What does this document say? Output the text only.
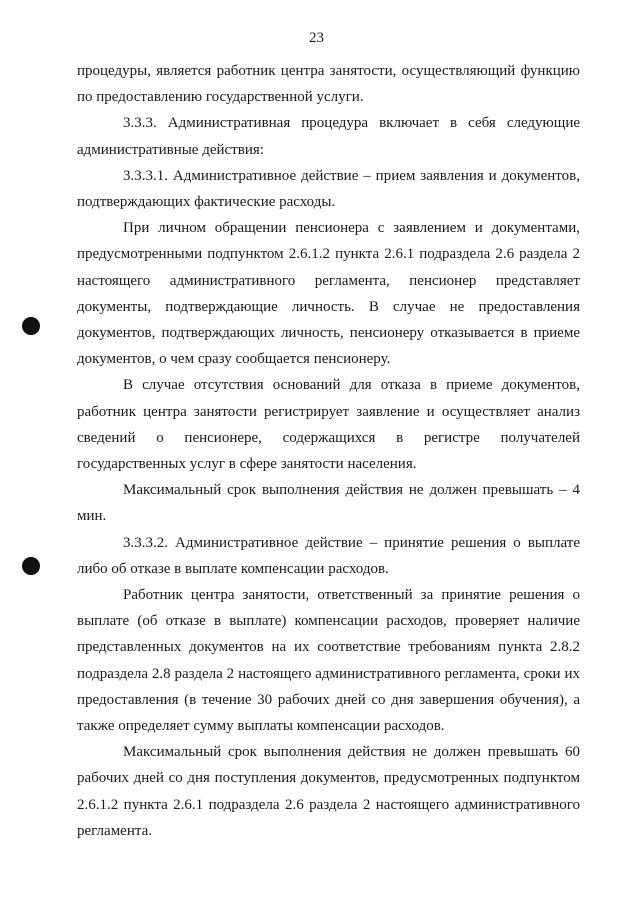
23

процедуры, является работник центра занятости, осуществляющий функцию по предоставлению государственной услуги.

3.3.3. Административная процедура включает в себя следующие административные действия:

3.3.3.1. Административное действие – прием заявления и документов, подтверждающих фактические расходы.

При личном обращении пенсионера с заявлением и документами, предусмотренными подпунктом 2.6.1.2 пункта 2.6.1 подраздела 2.6 раздела 2 настоящего административного регламента, пенсионер представляет документы, подтверждающие личность. В случае не предоставления документов, подтверждающих личность, пенсионеру отказывается в приеме документов, о чем сразу сообщается пенсионеру.

В случае отсутствия оснований для отказа в приеме документов, работник центра занятости регистрирует заявление и осуществляет анализ сведений о пенсионере, содержащихся в регистре получателей государственных услуг в сфере занятости населения.

Максимальный срок выполнения действия не должен превышать – 4 мин.

3.3.3.2. Административное действие – принятие решения о выплате либо об отказе в выплате компенсации расходов.

Работник центра занятости, ответственный за принятие решения о выплате (об отказе в выплате) компенсации расходов, проверяет наличие представленных документов на их соответствие требованиям пункта 2.8.2 подраздела 2.8 раздела 2 настоящего административного регламента, сроки их предоставления (в течение 30 рабочих дней со дня завершения обучения), а также определяет сумму выплаты компенсации расходов.

Максимальный срок выполнения действия не должен превышать 60 рабочих дней со дня поступления документов, предусмотренных подпунктом 2.6.1.2 пункта 2.6.1 подраздела 2.6 раздела 2 настоящего административного регламента.
